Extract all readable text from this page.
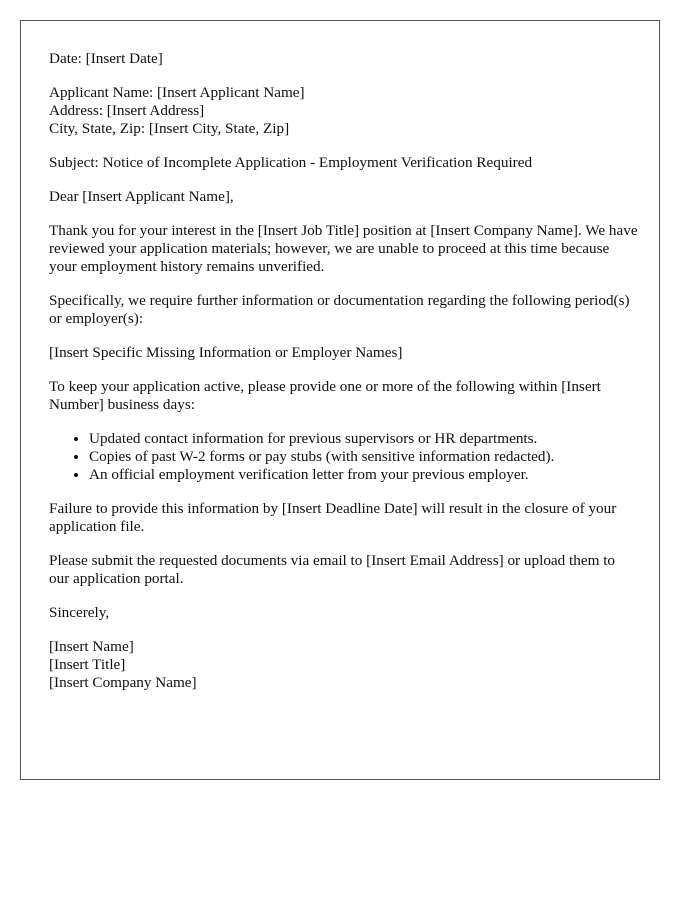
Date: [Insert Date]

Applicant Name: [Insert Applicant Name]
Address: [Insert Address]
City, State, Zip: [Insert City, State, Zip]

Subject: Notice of Incomplete Application - Employment Verification Required

Dear [Insert Applicant Name],

Thank you for your interest in the [Insert Job Title] position at [Insert Company Name]. We have reviewed your application materials; however, we are unable to proceed at this time because your employment history remains unverified.

Specifically, we require further information or documentation regarding the following period(s) or employer(s):

[Insert Specific Missing Information or Employer Names]

To keep your application active, please provide one or more of the following within [Insert Number] business days:

• Updated contact information for previous supervisors or HR departments.
• Copies of past W-2 forms or pay stubs (with sensitive information redacted).
• An official employment verification letter from your previous employer.

Failure to provide this information by [Insert Deadline Date] will result in the closure of your application file.

Please submit the requested documents via email to [Insert Email Address] or upload them to our application portal.

Sincerely,

[Insert Name]
[Insert Title]
[Insert Company Name]
